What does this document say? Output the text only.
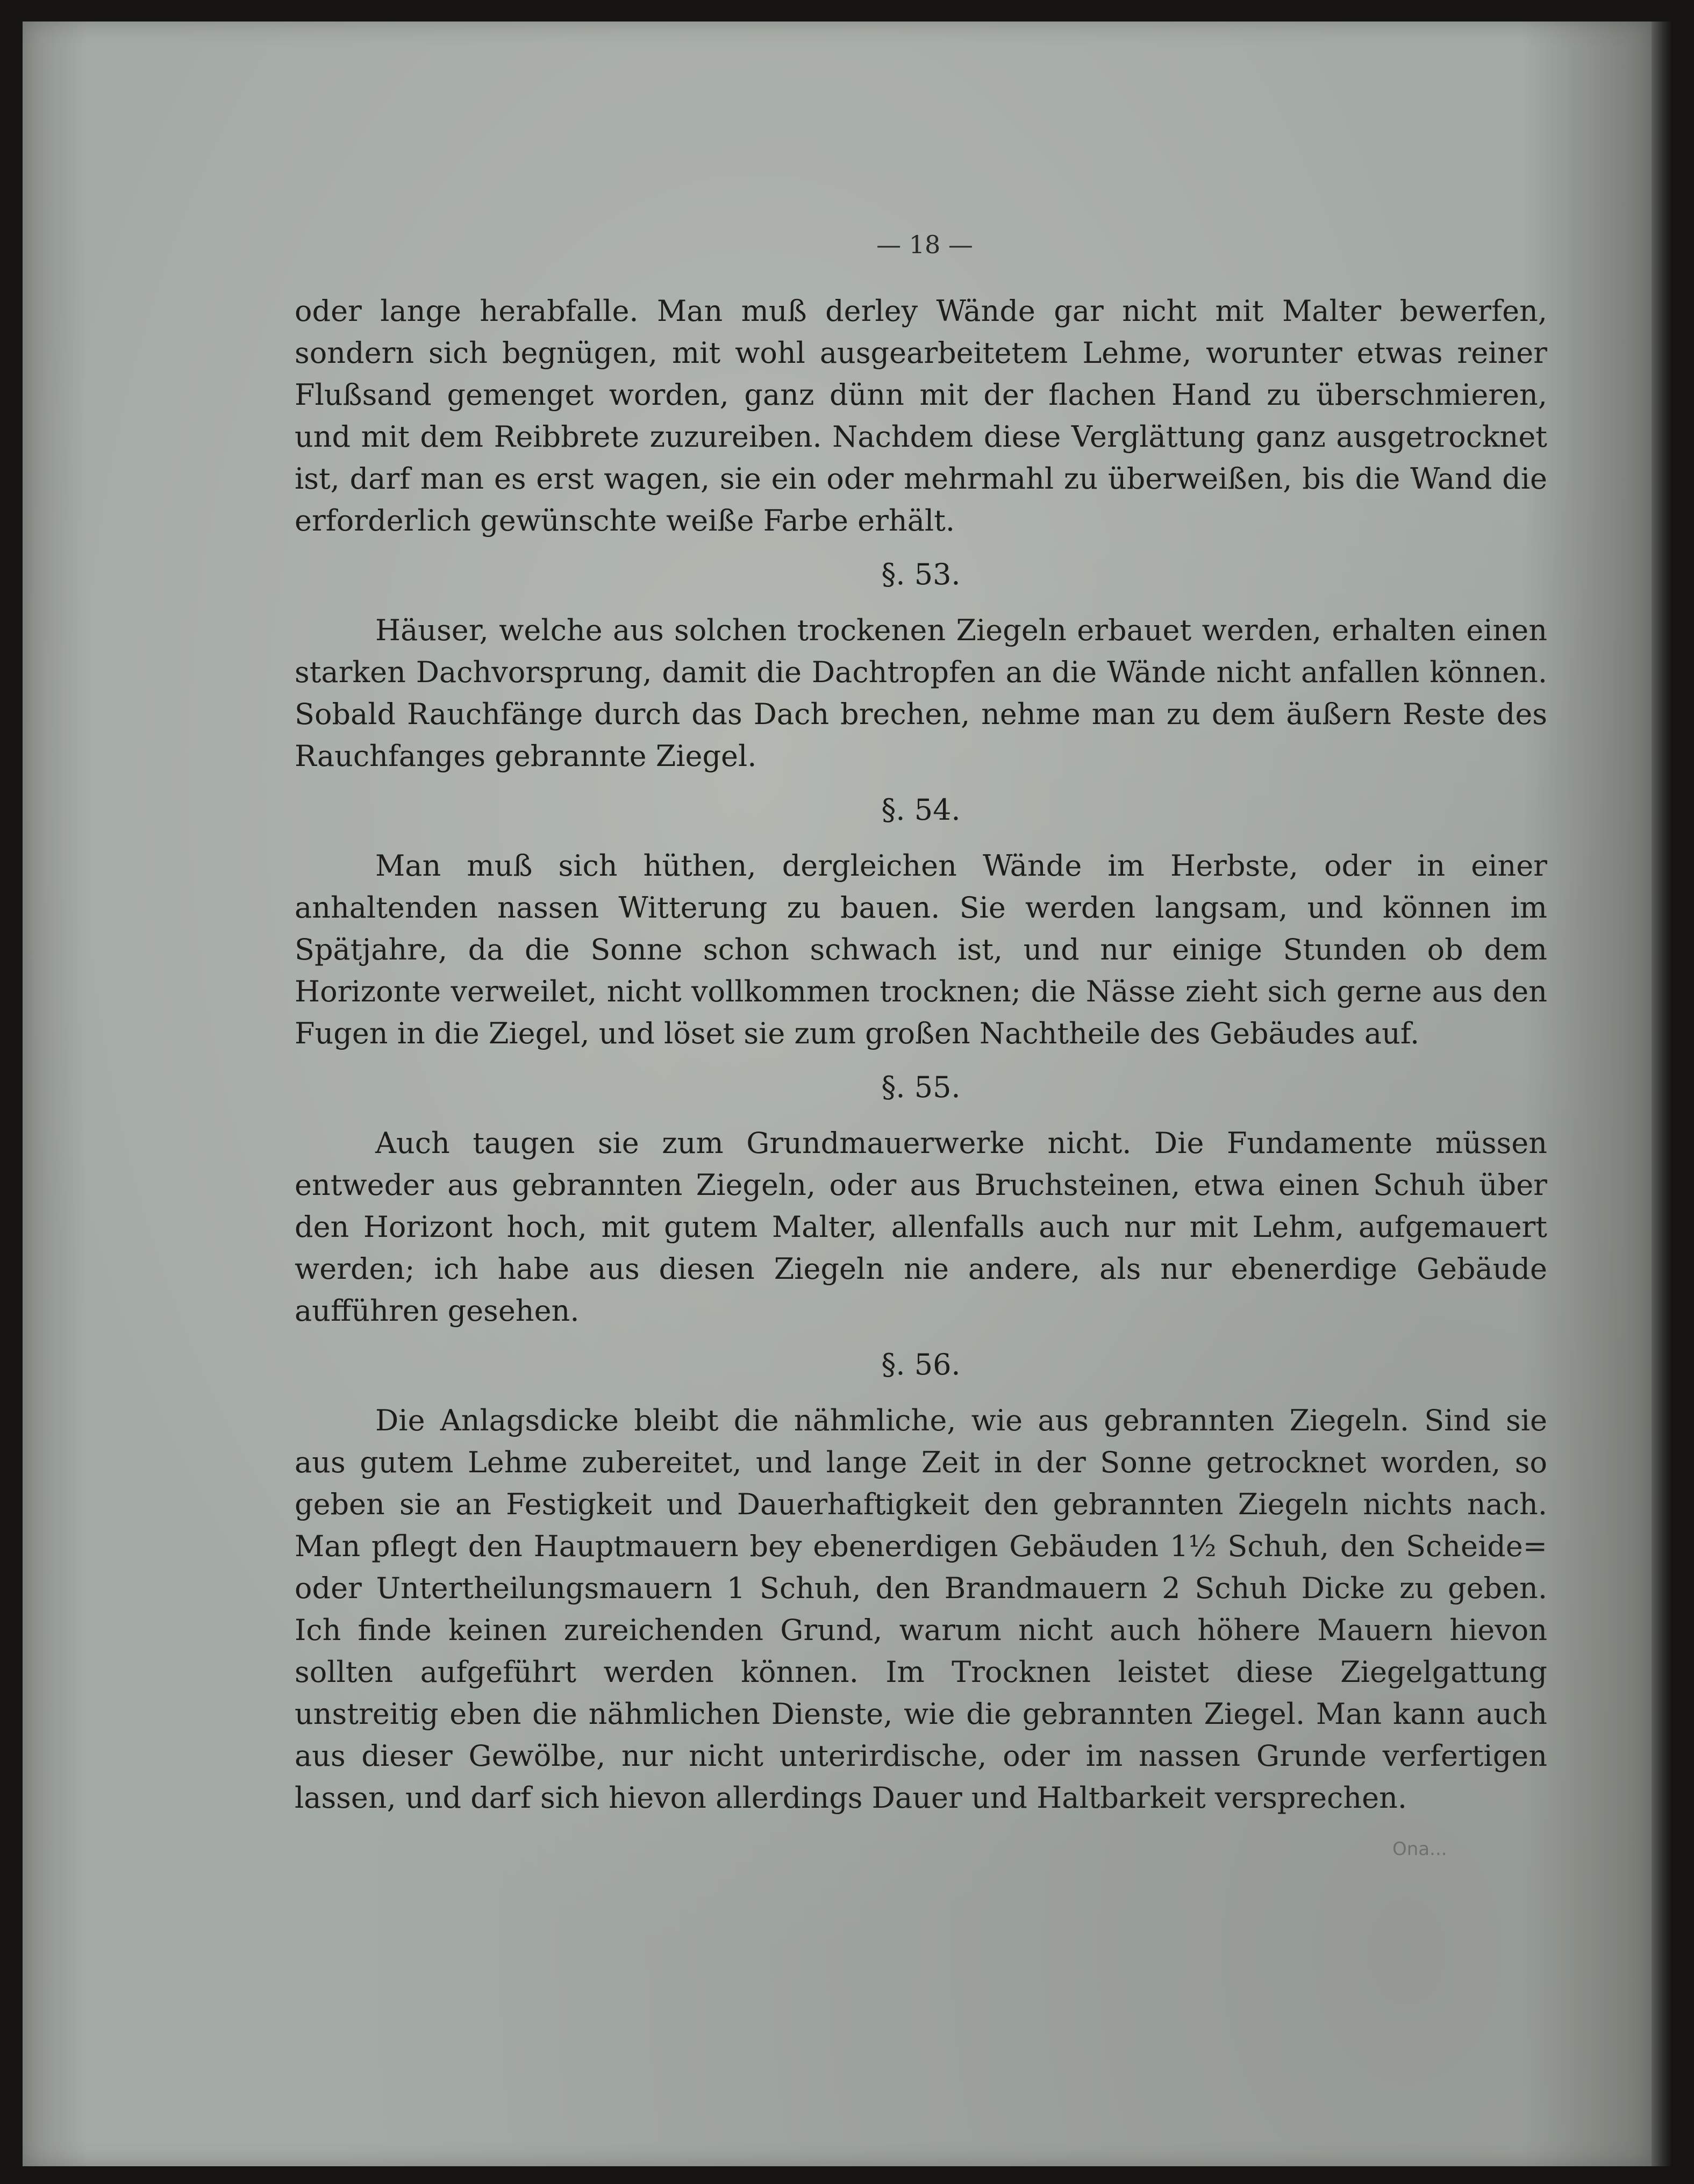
— 18 —

oder lange herabfalle. Man muß derley Wände gar nicht mit Malter bewerfen, sondern sich begnügen, mit wohl ausgearbeitetem Lehme, worunter etwas reiner Flußsand gemenget worden, ganz dünn mit der flachen Hand zu überschmieren, und mit dem Reibbrete zuzureiben. Nachdem diese Verglättung ganz ausgetrocknet ist, darf man es erst wagen, sie ein oder mehrmahl zu überweißen, bis die Wand die erforderlich gewünschte weiße Farbe erhält.

§. 53.

Häuser, welche aus solchen trockenen Ziegeln erbauet werden, erhalten einen starken Dachvorsprung, damit die Dachtropfen an die Wände nicht anfallen können. Sobald Rauchfänge durch das Dach brechen, nehme man zu dem äußern Reste des Rauchfanges gebrannte Ziegel.

§. 54.

Man muß sich hüthen, dergleichen Wände im Herbste, oder in einer anhaltenden nassen Witterung zu bauen. Sie werden langsam, und können im Spätjahre, da die Sonne schon schwach ist, und nur einige Stunden ob dem Horizonte verweilet, nicht vollkommen trocknen; die Nässe zieht sich gerne aus den Fugen in die Ziegel, und löset sie zum großen Nachtheile des Gebäudes auf.

§. 55.

Auch taugen sie zum Grundmauerwerke nicht. Die Fundamente müssen entweder aus gebrannten Ziegeln, oder aus Bruchsteinen, etwa einen Schuh über den Horizont hoch, mit gutem Malter, allenfalls auch nur mit Lehm, aufgemauert werden; ich habe aus diesen Ziegeln nie andere, als nur ebenerdige Gebäude aufführen gesehen.

§. 56.

Die Anlagsdicke bleibt die nähmliche, wie aus gebrannten Ziegeln. Sind sie aus gutem Lehme zubereitet, und lange Zeit in der Sonne getrocknet worden, so geben sie an Festigkeit und Dauerhaftigkeit den gebrannten Ziegeln nichts nach. Man pflegt den Hauptmauern bey ebenerdigen Gebäuden 1½ Schuh, den Scheide= oder Untertheilungsmauern 1 Schuh, den Brandmauern 2 Schuh Dicke zu geben. Ich finde keinen zureichenden Grund, warum nicht auch höhere Mauern hievon sollten aufgeführt werden können. Im Trocknen leistet diese Ziegelgattung unstreitig eben die nähmlichen Dienste, wie die gebrannten Ziegel. Man kann auch aus dieser Gewölbe, nur nicht unterirdische, oder im nassen Grunde verfertigen lassen, und darf sich hievon allerdings Dauer und Haltbarkeit versprechen.

Ona...
